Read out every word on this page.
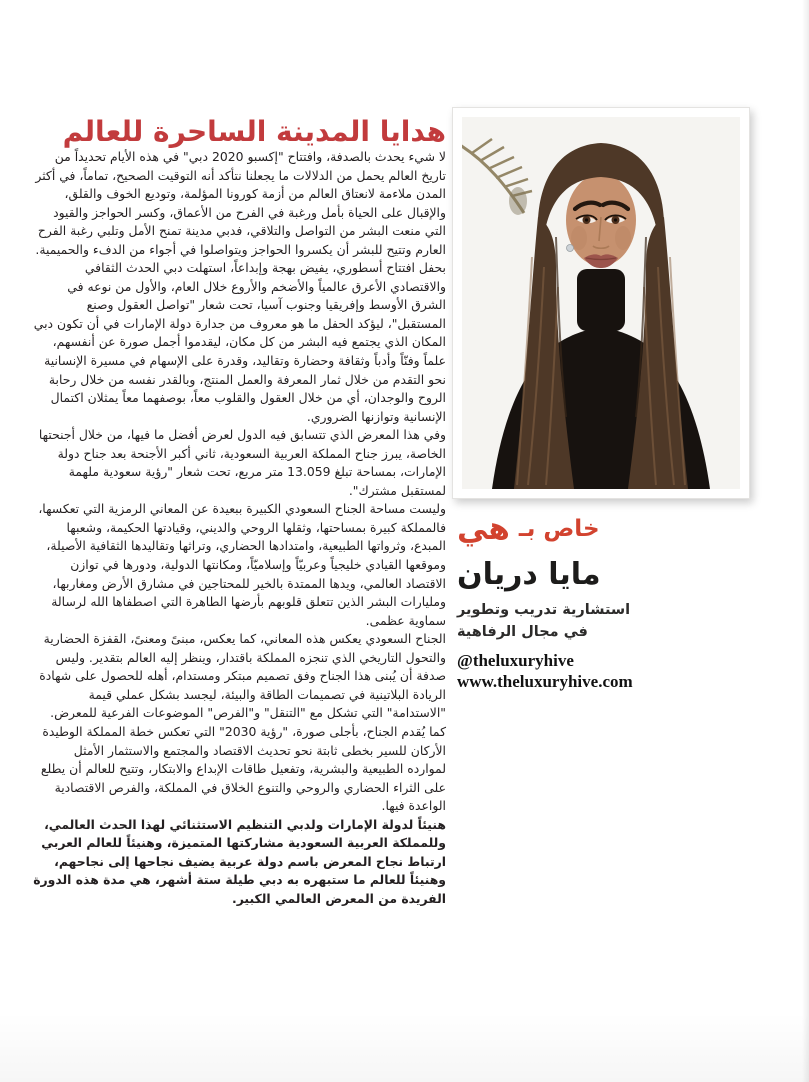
هدايا المدينة الساحرة للعالم

لا شيء يحدث بالصدفة، وافتتاح "إكسبو 2020 دبي" في هذه الأيام تحديداً من تاريخ العالم يحمل من الدلالات ما يجعلنا نتأكد أنه التوقيت الصحيح، تماماً، في أكثر المدن ملاءمة لانعتاق العالم من أزمة كورونا المؤلمة، وتوديع الخوف والقلق، والإقبال على الحياة بأمل ورغبة في الفرح من الأعماق، وكسر الحواجز والقيود التي منعت البشر من التواصل والتلاقي، فدبي مدينة تمنح الأمل وتلبي رغبة الفرح العارم وتتيح للبشر أن يكسروا الحواجز ويتواصلوا في أجواء من الدفء والحميمية.

بحفل افتتاح أسطوري، يفيض بهجة وإبداعاً، استهلت دبي الحدث الثقافي والاقتصادي الأعرق عالمياً والأضخم والأروع خلال العام، والأول من نوعه في الشرق الأوسط وإفريقيا وجنوب آسيا، تحت شعار "تواصل العقول وصنع المستقبل"، ليؤكد الحفل ما هو معروف من جدارة دولة الإمارات في أن تكون دبي المكان الذي يجتمع فيه البشر من كل مكان، ليقدموا أجمل صورة عن أنفسهم، علماً وفنّاً وأدباً وثقافة وحضارة وتقاليد، وقدرة على الإسهام في مسيرة الإنسانية نحو التقدم من خلال ثمار المعرفة والعمل المنتج، وبالقدر نفسه من خلال رحابة الروح والوجدان، أي من خلال العقول والقلوب معاً، بوصفهما معاً يمثلان اكتمال الإنسانية وتوازنها الضروري.

وفي هذا المعرض الذي تتسابق فيه الدول لعرض أفضل ما فيها، من خلال أجنحتها الخاصة، يبرز جناح المملكة العربية السعودية، ثاني أكبر الأجنحة بعد جناح دولة الإمارات، بمساحة تبلغ 13.059 متر مربع، تحت شعار "رؤية سعودية ملهمة لمستقبل مشترك".

وليست مساحة الجناح السعودي الكبيرة ببعيدة عن المعاني الرمزية التي تعكسها، فالمملكة كبيرة بمساحتها، وثقلها الروحي والديني، وقيادتها الحكيمة، وشعبها المبدع، وثرواتها الطبيعية، وامتدادها الحضاري، وتراثها وتقاليدها الثقافية الأصيلة، وموقعها القيادي خليجياً وعربيّاً وإسلاميّاً، ومكانتها الدولية، ودورها في توازن الاقتصاد العالمي، ويدها الممتدة بالخير للمحتاجين في مشارق الأرض ومغاربها، ومليارات البشر الذين تتعلق قلوبهم بأرضها الطاهرة التي اصطفاها الله لرسالة سماوية عظمى.

الجناح السعودي يعكس هذه المعاني، كما يعكس، مبنىً ومعنىً، القفزة الحضارية والتحول التاريخي الذي تنجزه المملكة باقتدار، وينظر إليه العالم بتقدير. وليس صدفة أن يُبنى هذا الجناح وفق تصميم مبتكر ومستدام، أهله للحصول على شهادة الريادة البلاتينية في تصميمات الطاقة والبيئة، ليجسد بشكل عملي قيمة "الاستدامة" التي تشكل مع "التنقل" و"الفرص" الموضوعات الفرعية للمعرض. كما يُقدم الجناح، بأجلى صورة، "رؤية 2030" التي تعكس خطة المملكة الوطيدة الأركان للسير بخطى ثابتة نحو تحديث الاقتصاد والمجتمع والاستثمار الأمثل لموارده الطبيعية والبشرية، وتفعيل طاقات الإبداع والابتكار، وتتيح للعالم أن يطلع على الثراء الحضاري والروحي والتنوع الخلاق في المملكة، والفرص الاقتصادية الواعدة فيها.

هنيئاً لدولة الإمارات ولدبي التنظيم الاستثنائي لهذا الحدث العالمي، وللمملكة العربية السعودية مشاركتها المتميزة، وهنيئاً للعالم العربي ارتباط نجاح المعرض باسم دولة عربية يضيف نجاحها إلى نجاحهم، وهنيئاً للعالم ما ستبهره به دبي طيلة ستة أشهر، هي مدة هذه الدورة الفريدة من المعرض العالمي الكبير.

هي خاص بـ
مايا دريان
استشارية تدريب وتطوير
في مجال الرفاهية
@theluxuryhive
www.theluxuryhive.com
